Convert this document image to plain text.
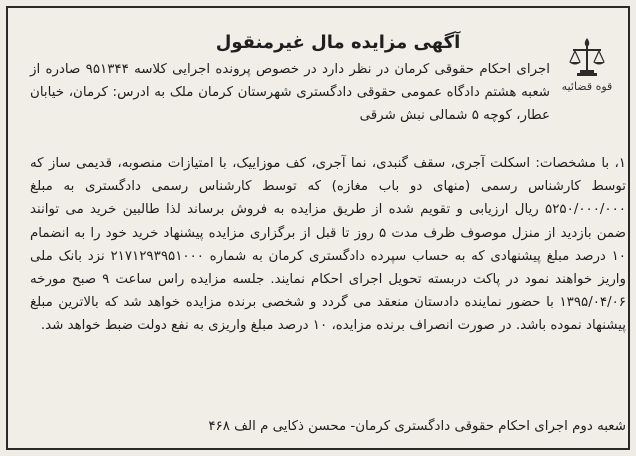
قوه قضائیه
آگهی مزایده مال غیرمنقول
اجرای احکام حقوقی کرمان در نظر دارد در خصوص پرونده اجرایی کلاسه ۹۵۱۳۴۴ صادره از شعبه هشتم دادگاه عمومی حقوقی دادگستری شهرستان کرمان ملک به ادرس: کرمان، خیابان عطار، کوچه ۵ شمالی نبش شرقی
۱، با مشخصات: اسکلت آجری، سقف گنبدی، نما آجری، کف موزاییک، با امتیازات منصوبه، قدیمی ساز که توسط کارشناس رسمی (منهای دو باب مغازه) که توسط کارشناس رسمی دادگستری به مبلغ ۵۲۵۰/۰۰۰/۰۰۰ ریال ارزیابی و تقویم شده از طریق مزایده به فروش برساند لذا طالبین خرید می توانند ضمن بازدید از منزل موصوف ظرف مدت ۵ روز تا قبل از برگزاری مزایده پیشنهاد خرید خود را به انضمام ۱۰ درصد مبلغ پیشنهادی که به حساب سپرده دادگستری کرمان به شماره ۲۱۷۱۲۹۳۹۵۱۰۰۰ نزد بانک ملی واریز خواهند نمود در پاکت دربسته تحویل اجرای احکام نمایند. جلسه مزایده راس ساعت ۹ صبح مورخه ۱۳۹۵/۰۴/۰۶ با حضور نماینده دادستان منعقد می گردد و شخصی برنده مزایده خواهد شد که بالاترین مبلغ پیشنهاد نموده باشد. در صورت انصراف برنده مزایده، ۱۰ درصد مبلغ واریزی به نفع دولت ضبط خواهد شد.
شعبه دوم اجرای احکام حقوقی دادگستری کرمان- محسن ذکایی م الف ۴۶۸
